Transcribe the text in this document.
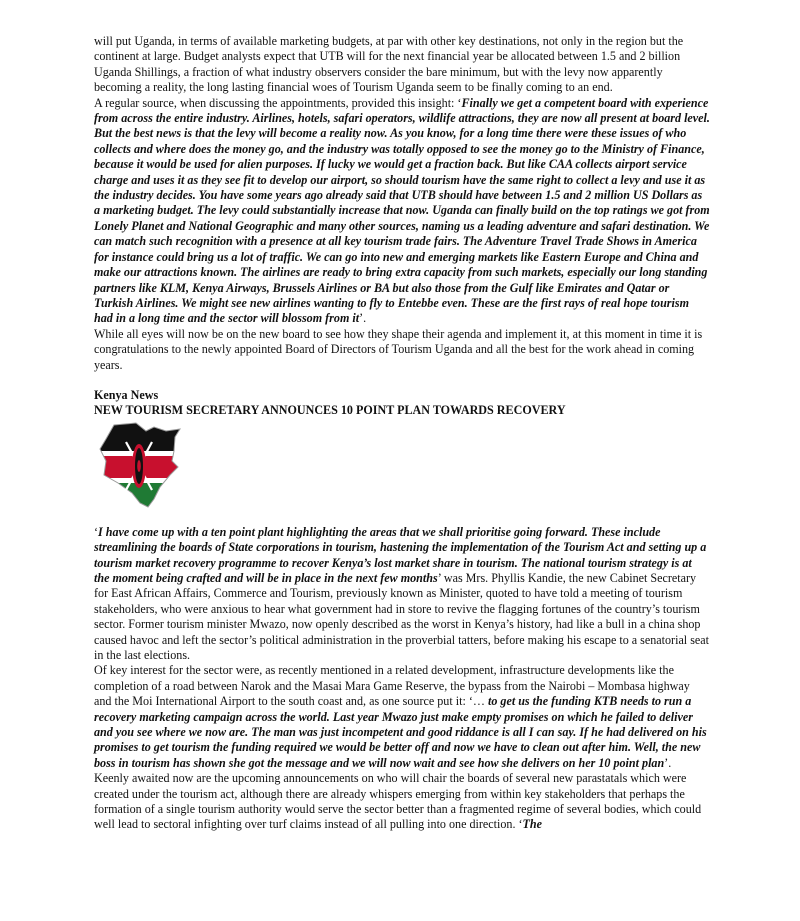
will put Uganda, in terms of available marketing budgets, at par with other key destinations, not only in the region but the continent at large. Budget analysts expect that UTB will for the next financial year be allocated between 1.5 and 2 billion Uganda Shillings, a fraction of what industry observers consider the bare minimum, but with the levy now apparently becoming a reality, the long lasting financial woes of Tourism Uganda seem to be finally coming to an end.

A regular source, when discussing the appointments, provided this insight: ‘Finally we get a competent board with experience from across the entire industry. Airlines, hotels, safari operators, wildlife attractions, they are now all present at board level. But the best news is that the levy will become a reality now. As you know, for a long time there were these issues of who collects and where does the money go, and the industry was totally opposed to see the money go to the Ministry of Finance, because it would be used for alien purposes. If lucky we would get a fraction back. But like CAA collects airport service charge and uses it as they see fit to develop our airport, so should tourism have the same right to collect a levy and use it as the industry decides. You have some years ago already said that UTB should have between 1.5 and 2 million US Dollars as a marketing budget. The levy could substantially increase that now. Uganda can finally build on the top ratings we got from Lonely Planet and National Geographic and many other sources, naming us a leading adventure and safari destination. We can match such recognition with a presence at all key tourism trade fairs. The Adventure Travel Trade Shows in America for instance could bring us a lot of traffic. We can go into new and emerging markets like Eastern Europe and China and make our attractions known. The airlines are ready to bring extra capacity from such markets, especially our long standing partners like KLM, Kenya Airways, Brussels Airlines or BA but also those from the Gulf like Emirates and Qatar or Turkish Airlines. We might see new airlines wanting to fly to Entebbe even. These are the first rays of real hope tourism had in a long time and the sector will blossom from it’.

While all eyes will now be on the new board to see how they shape their agenda and implement it, at this moment in time it is congratulations to the newly appointed Board of Directors of Tourism Uganda and all the best for the work ahead in coming years.

Kenya News

NEW TOURISM SECRETARY ANNOUNCES 10 POINT PLAN TOWARDS RECOVERY

‘I have come up with a ten point plant highlighting the areas that we shall prioritise going forward. These include streamlining the boards of State corporations in tourism, hastening the implementation of the Tourism Act and setting up a tourism market recovery programme to recover Kenya’s lost market share in tourism. The national tourism strategy is at the moment being crafted and will be in place in the next few months’ was Mrs. Phyllis Kandie, the new Cabinet Secretary for East African Affairs, Commerce and Tourism, previously known as Minister, quoted to have told a meeting of tourism stakeholders, who were anxious to hear what government had in store to revive the flagging fortunes of the country’s tourism sector. Former tourism minister Mwazo, now openly described as the worst in Kenya’s history, had like a bull in a china shop caused havoc and left the sector’s political administration in the proverbial tatters, before making his escape to a senatorial seat in the last elections.

Of key interest for the sector were, as recently mentioned in a related development, infrastructure developments like the completion of a road between Narok and the Masai Mara Game Reserve, the bypass from the Nairobi – Mombasa highway and the Moi International Airport to the south coast and, as one source put it: ‘… to get us the funding KTB needs to run a recovery marketing campaign across the world. Last year Mwazo just make empty promises on which he failed to deliver and you see where we now are. The man was just incompetent and good riddance is all I can say. If he had delivered on his promises to get tourism the funding required we would be better off and now we have to clean out after him. Well, the new boss in tourism has shown she got the message and we will now wait and see how she delivers on her 10 point plan’.

Keenly awaited now are the upcoming announcements on who will chair the boards of several new parastatals which were created under the tourism act, although there are already whispers emerging from within key stakeholders that perhaps the formation of a single tourism authority would serve the sector better than a fragmented regime of several bodies, which could well lead to sectoral infighting over turf claims instead of all pulling into one direction. ‘The
